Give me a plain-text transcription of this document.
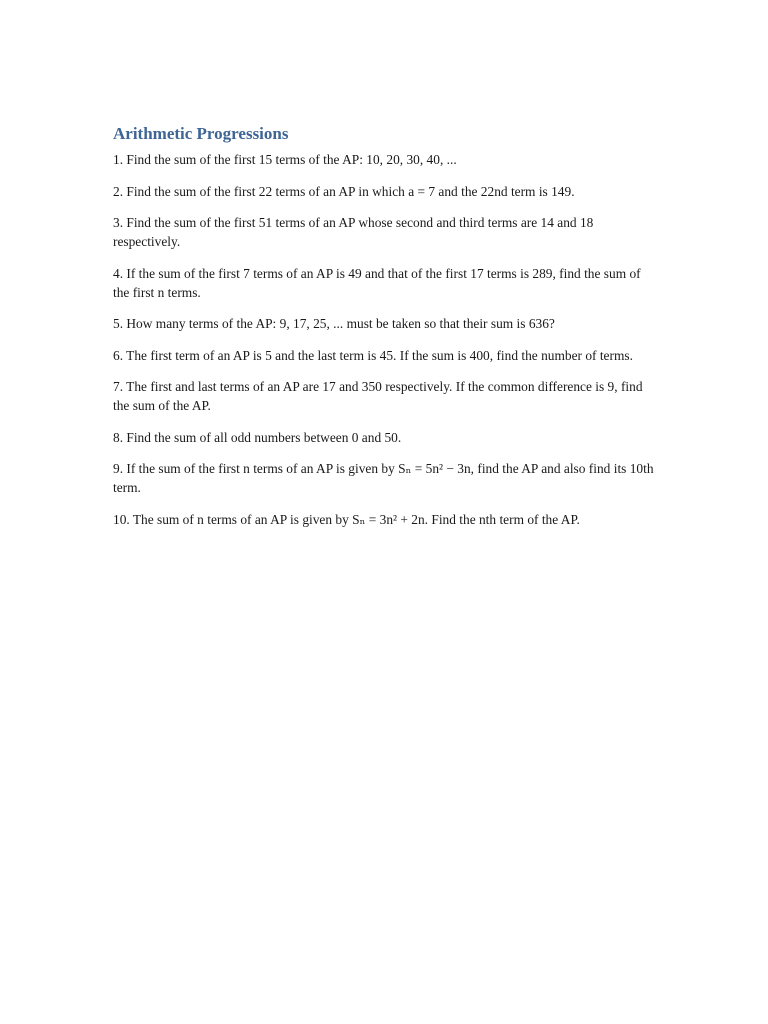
Arithmetic Progressions

1. Find the sum of the first 15 terms of the AP: 10, 20, 30, 40, ...

2. Find the sum of the first 22 terms of an AP in which a = 7 and the 22nd term is 149.

3. Find the sum of the first 51 terms of an AP whose second and third terms are 14 and 18 respectively.

4. If the sum of the first 7 terms of an AP is 49 and that of the first 17 terms is 289, find the sum of the first n terms.

5. How many terms of the AP: 9, 17, 25, ... must be taken so that their sum is 636?

6. The first term of an AP is 5 and the last term is 45. If the sum is 400, find the number of terms.

7. The first and last terms of an AP are 17 and 350 respectively. If the common difference is 9, find the sum of the AP.

8. Find the sum of all odd numbers between 0 and 50.

9. If the sum of the first n terms of an AP is given by Sₙ = 5n² − 3n, find the AP and also find its 10th term.

10. The sum of n terms of an AP is given by Sₙ = 3n² + 2n. Find the nth term of the AP.
